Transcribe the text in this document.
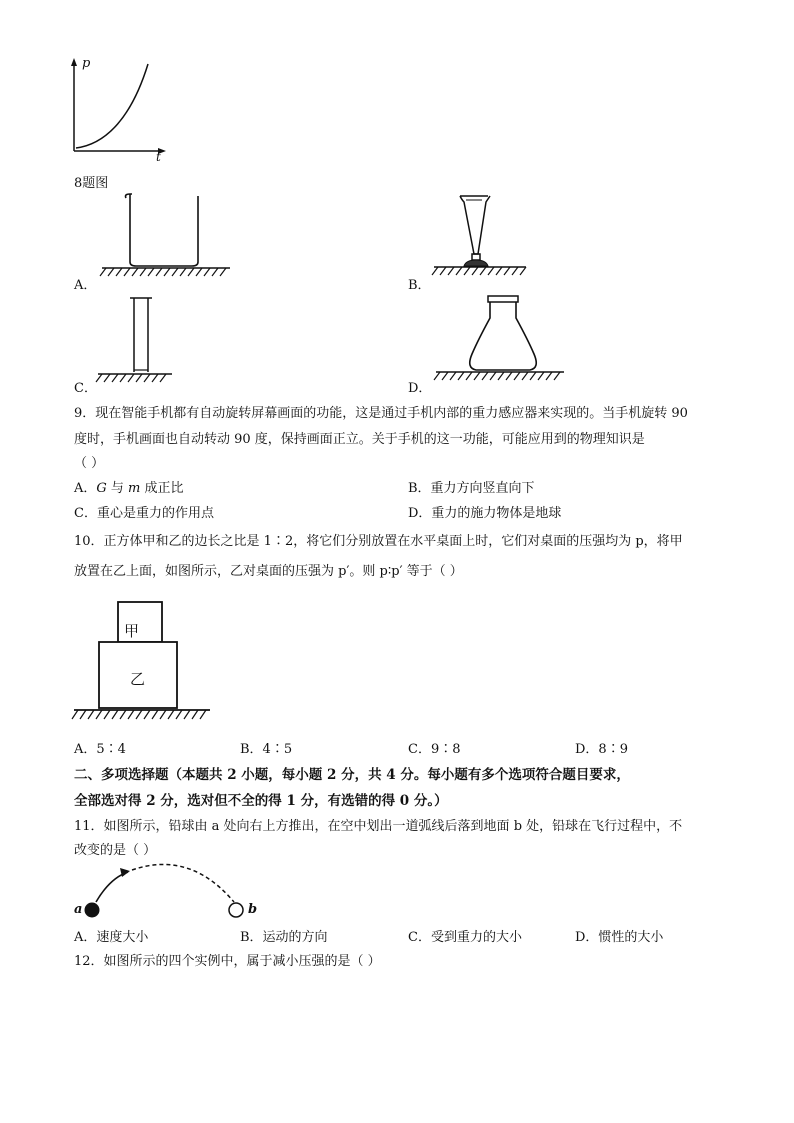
p
t
8题图
A．	B．
C．	D．
9．现在智能手机都有自动旋转屏幕画面的功能，这是通过手机内部的重力感应器来实现的。当手机旋转 90
度时，手机画面也自动转动 90 度，保持画面正立。关于手机的这一功能，可能应用到的物理知识是
（ ）
A．G 与 m 成正比	B．重力方向竖直向下
C．重心是重力的作用点	D．重力的施力物体是地球
10．正方体甲和乙的边长之比是 1∶2，将它们分别放置在水平桌面上时，它们对桌面的压强均为 p，将甲
放置在乙上面，如图所示，乙对桌面的压强为 p′。则 p∶p′ 等于（ ）
甲
乙
A．5∶4	B．4∶5	C．9∶8	D．8∶9
二、多项选择题（本题共 2 小题，每小题 2 分，共 4 分。每小题有多个选项符合题目要求，
全部选对得 2 分，选对但不全的得 1 分，有选错的得 0 分。）
11．如图所示，铅球由 a 处向右上方推出，在空中划出一道弧线后落到地面 b 处，铅球在飞行过程中，不
改变的是（ ）
a	b
A．速度大小	B．运动的方向	C．受到重力的大小	D．惯性的大小
12．如图所示的四个实例中，属于减小压强的是（ ）
